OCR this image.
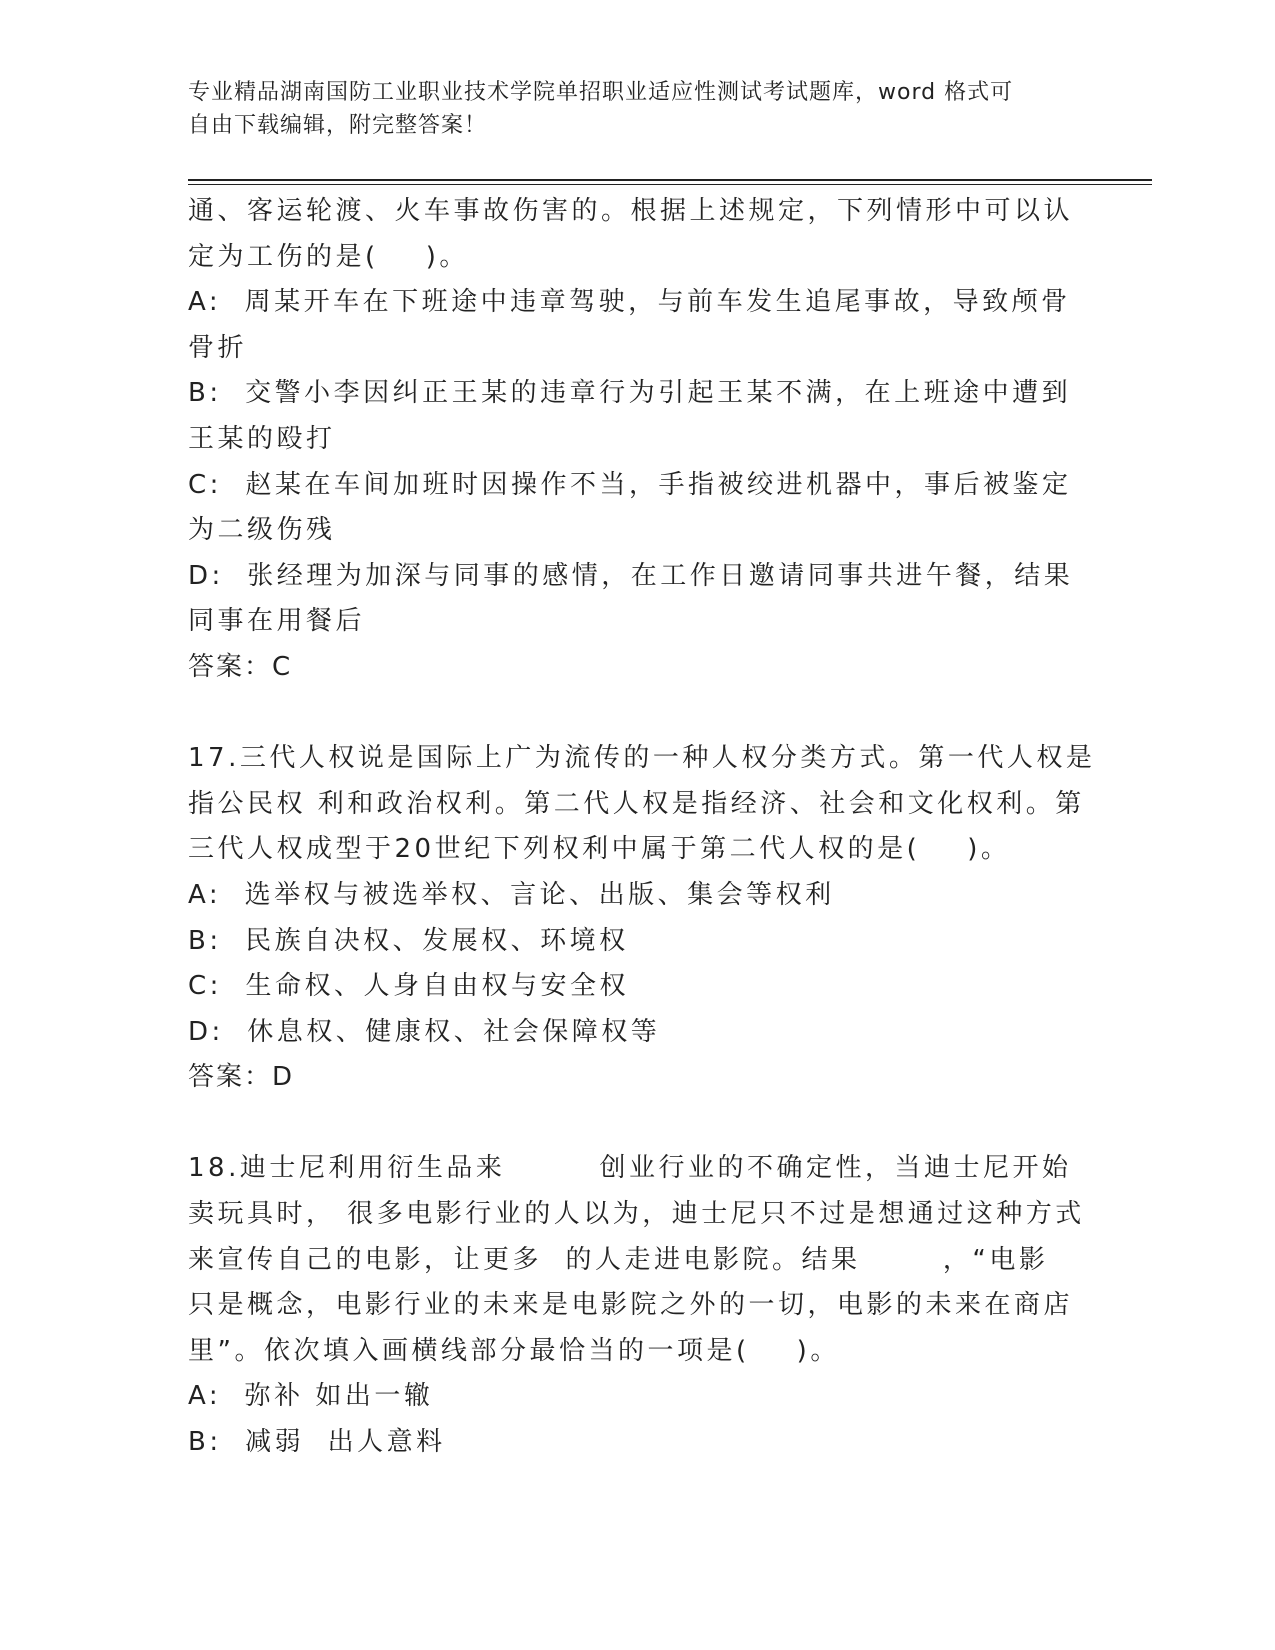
专业精品湖南国防工业职业技术学院单招职业适应性测试考试题库，word 格式可
自由下载编辑，附完整答案！
通、客运轮渡、火车事故伤害的。根据上述规定，下列情形中可以认
定为工伤的是(    )。
A:  周某开车在下班途中违章驾驶，与前车发生追尾事故，导致颅骨
骨折
B:  交警小李因纠正王某的违章行为引起王某不满，在上班途中遭到
王某的殴打
C:  赵某在车间加班时因操作不当，手指被绞进机器中，事后被鉴定
为二级伤残
D:  张经理为加深与同事的感情，在工作日邀请同事共进午餐，结果
同事在用餐后
答案：C
17.三代人权说是国际上广为流传的一种人权分类方式。第一代人权是
指公民权 利和政治权利。第二代人权是指经济、社会和文化权利。第
三代人权成型于20世纪下列权利中属于第二代人权的是(    )。
A:  选举权与被选举权、言论、出版、集会等权利
B:  民族自决权、发展权、环境权
C:  生命权、人身自由权与安全权
D:  休息权、健康权、社会保障权等
答案：D
18.迪士尼利用衍生品来        创业行业的不确定性，当迪士尼开始
卖玩具时， 很多电影行业的人以为，迪士尼只不过是想通过这种方式
来宣传自己的电影，让更多  的人走进电影院。结果       ，“电影
只是概念，电影行业的未来是电影院之外的一切，电影的未来在商店
里”。依次填入画横线部分最恰当的一项是(    )。
A:  弥补 如出一辙
B:  减弱  出人意料
